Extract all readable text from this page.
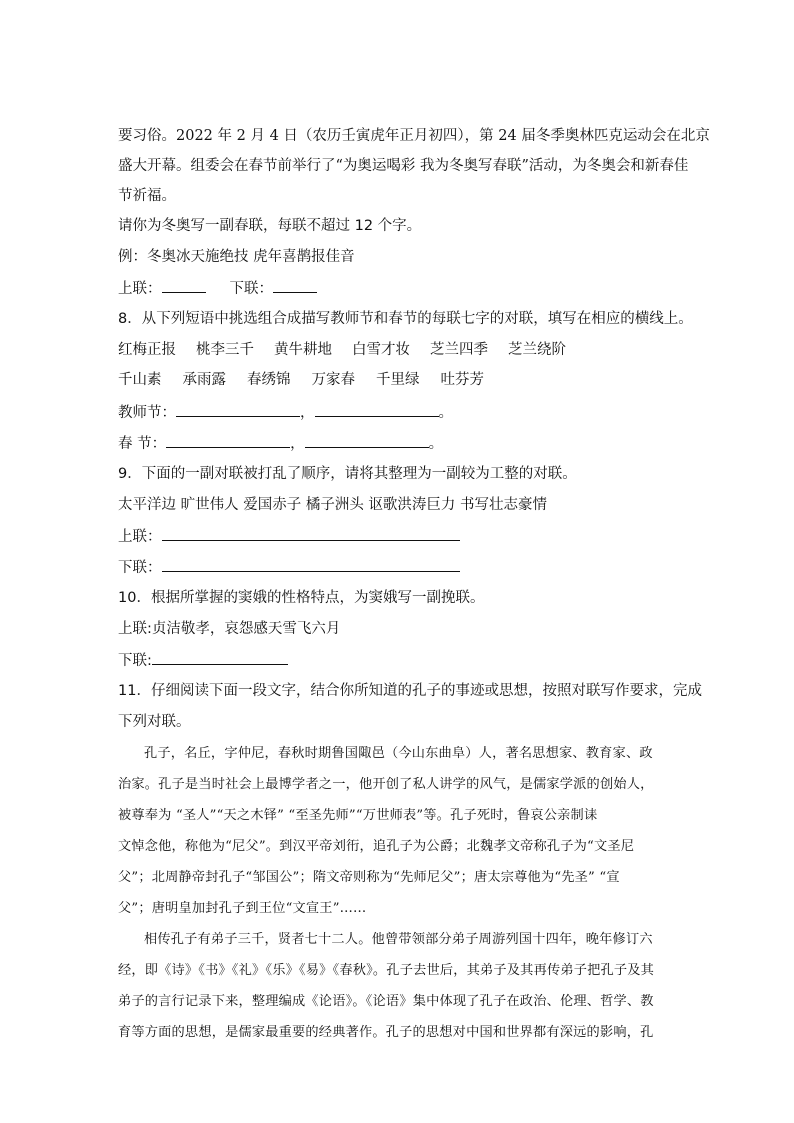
要习俗。2022 年 2 月 4 日（农历壬寅虎年正月初四），第 24 届冬季奥林匹克运动会在北京
盛大开幕。组委会在春节前举行了“为奥运喝彩 我为冬奥写春联”活动，为冬奥会和新春佳
节祈福。
请你为冬奥写一副春联，每联不超过 12 个字。
例：冬奥冰天施绝技 虎年喜鹊报佳音
上联：	下联：
8．从下列短语中挑选组合成描写教师节和春节的每联七字的对联，填写在相应的横线上。
红梅正报 桃李三千 黄牛耕地 白雪才妆 芝兰四季 芝兰绕阶
千山素 承雨露 春绣锦 万家春 千里绿 吐芬芳
教师节：	，	。
春 节：	，	。
9．下面的一副对联被打乱了顺序，请将其整理为一副较为工整的对联。
太平洋边 旷世伟人 爱国赤子 橘子洲头 讴歌洪涛巨力 书写壮志豪情
上联：
下联：
10．根据所掌握的窦娥的性格特点，为窦娥写一副挽联。
上联:贞洁敬孝，哀怨感天雪飞六月
下联:
11．仔细阅读下面一段文字，结合你所知道的孔子的事迹或思想，按照对联写作要求，完成
下列对联。
孔子，名丘，字仲尼，春秋时期鲁国陬邑（今山东曲阜）人，著名思想家、教育家、政
治家。孔子是当时社会上最博学者之一，他开创了私人讲学的风气，是儒家学派的创始人，
被尊奉为 “圣人”“天之木铎” “至圣先师”“万世师表”等。孔子死时，鲁哀公亲制诔
文悼念他，称他为“尼父”。到汉平帝刘衎，追孔子为公爵；北魏孝文帝称孔子为“文圣尼
父”；北周静帝封孔子“邹国公”；隋文帝则称为“先师尼父”；唐太宗尊他为“先圣” “宣
父”；唐明皇加封孔子到王位“文宣王”……
相传孔子有弟子三千，贤者七十二人。他曾带领部分弟子周游列国十四年，晚年修订六
经，即《诗》《书》《礼》《乐》《易》《春秋》。孔子去世后，其弟子及其再传弟子把孔子及其
弟子的言行记录下来，整理编成《论语》。《论语》集中体现了孔子在政治、伦理、哲学、教
育等方面的思想，是儒家最重要的经典著作。孔子的思想对中国和世界都有深远的影响，孔
